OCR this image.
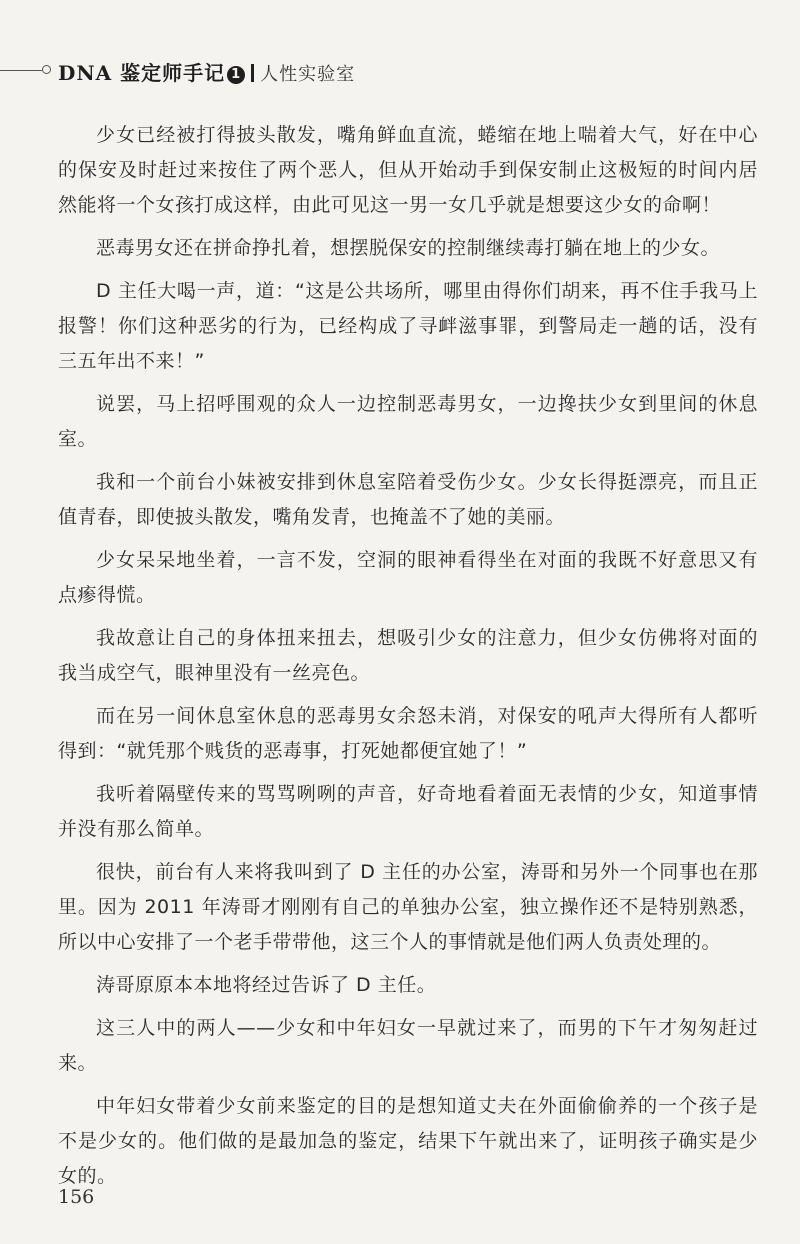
DNA 鉴定师手记 1 人性实验室

少女已经被打得披头散发，嘴角鲜血直流，蜷缩在地上喘着大气，好在中心的保安及时赶过来按住了两个恶人，但从开始动手到保安制止这极短的时间内居然能将一个女孩打成这样，由此可见这一男一女几乎就是想要这少女的命啊！

恶毒男女还在拼命挣扎着，想摆脱保安的控制继续毒打躺在地上的少女。

D 主任大喝一声，道：“这是公共场所，哪里由得你们胡来，再不住手我马上报警！你们这种恶劣的行为，已经构成了寻衅滋事罪，到警局走一趟的话，没有三五年出不来！”

说罢，马上招呼围观的众人一边控制恶毒男女，一边搀扶少女到里间的休息室。

我和一个前台小妹被安排到休息室陪着受伤少女。少女长得挺漂亮，而且正值青春，即使披头散发，嘴角发青，也掩盖不了她的美丽。

少女呆呆地坐着，一言不发，空洞的眼神看得坐在对面的我既不好意思又有点瘆得慌。

我故意让自己的身体扭来扭去，想吸引少女的注意力，但少女仿佛将对面的我当成空气，眼神里没有一丝亮色。

而在另一间休息室休息的恶毒男女余怒未消，对保安的吼声大得所有人都听得到：“就凭那个贱货的恶毒事，打死她都便宜她了！”

我听着隔壁传来的骂骂咧咧的声音，好奇地看着面无表情的少女，知道事情并没有那么简单。

很快，前台有人来将我叫到了 D 主任的办公室，涛哥和另外一个同事也在那里。因为 2011 年涛哥才刚刚有自己的单独办公室，独立操作还不是特别熟悉，所以中心安排了一个老手带带他，这三个人的事情就是他们两人负责处理的。

涛哥原原本本地将经过告诉了 D 主任。

这三人中的两人——少女和中年妇女一早就过来了，而男的下午才匆匆赶过来。

中年妇女带着少女前来鉴定的目的是想知道丈夫在外面偷偷养的一个孩子是不是少女的。他们做的是最加急的鉴定，结果下午就出来了，证明孩子确实是少女的。

156
